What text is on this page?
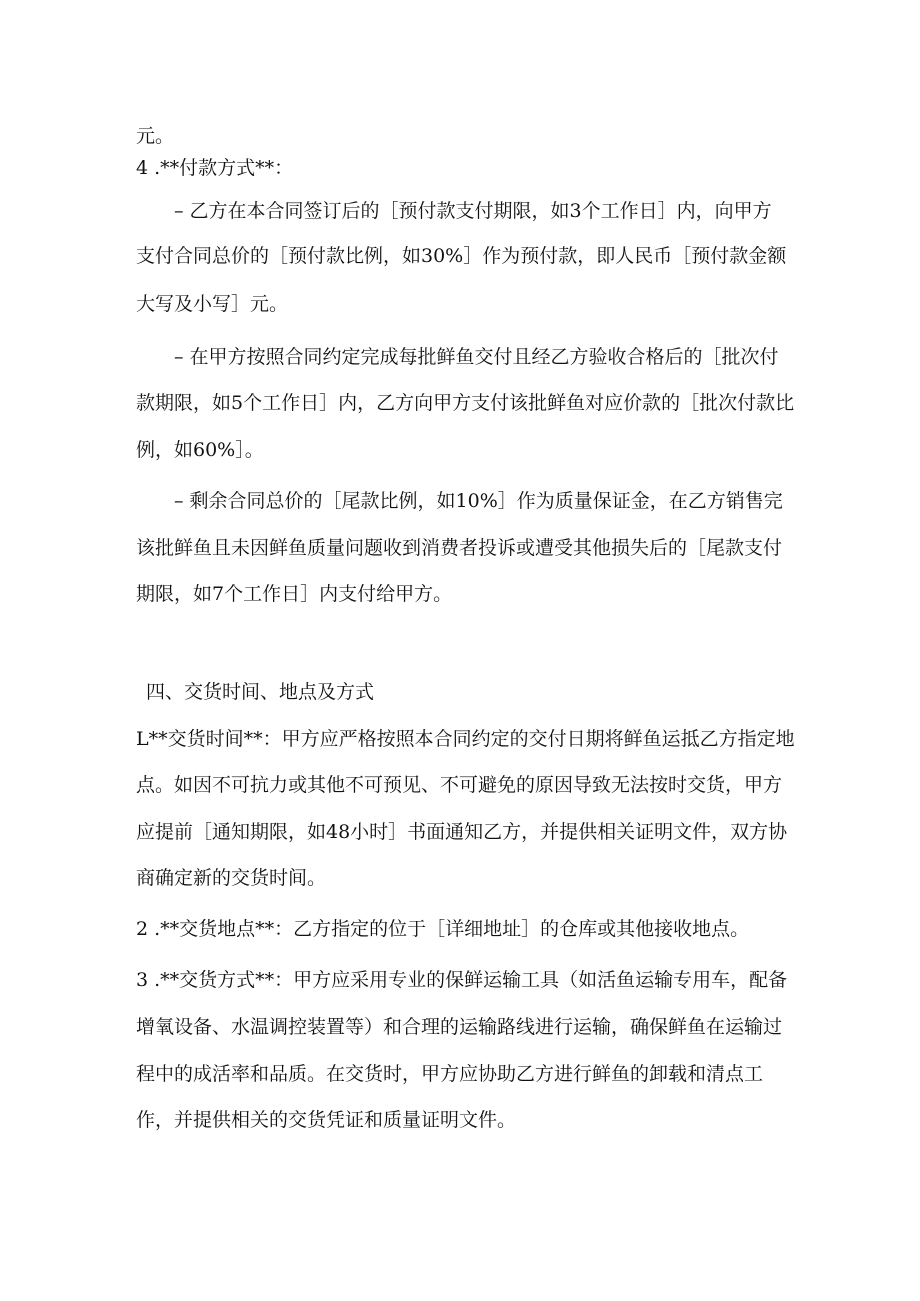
元。
4 .**付款方式**：
– 乙方在本合同签订后的［预付款支付期限，如3个工作日］内，向甲方
支付合同总价的［预付款比例，如30%］作为预付款，即人民币［预付款金额
大写及小写］元。
– 在甲方按照合同约定完成每批鲜鱼交付且经乙方验收合格后的［批次付
款期限，如5个工作日］内，乙方向甲方支付该批鲜鱼对应价款的［批次付款比
例，如60%］。
– 剩余合同总价的［尾款比例，如10%］作为质量保证金，在乙方销售完
该批鲜鱼且未因鲜鱼质量问题收到消费者投诉或遭受其他损失后的［尾款支付
期限，如7个工作日］内支付给甲方。
四、交货时间、地点及方式
L**交货时间**：甲方应严格按照本合同约定的交付日期将鲜鱼运抵乙方指定地
点。如因不可抗力或其他不可预见、不可避免的原因导致无法按时交货，甲方
应提前［通知期限，如48小时］书面通知乙方，并提供相关证明文件，双方协
商确定新的交货时间。
2 .**交货地点**：乙方指定的位于［详细地址］的仓库或其他接收地点。
3 .**交货方式**：甲方应采用专业的保鲜运输工具（如活鱼运输专用车，配备
增氧设备、水温调控装置等）和合理的运输路线进行运输，确保鲜鱼在运输过
程中的成活率和品质。在交货时，甲方应协助乙方进行鲜鱼的卸载和清点工
作，并提供相关的交货凭证和质量证明文件。
